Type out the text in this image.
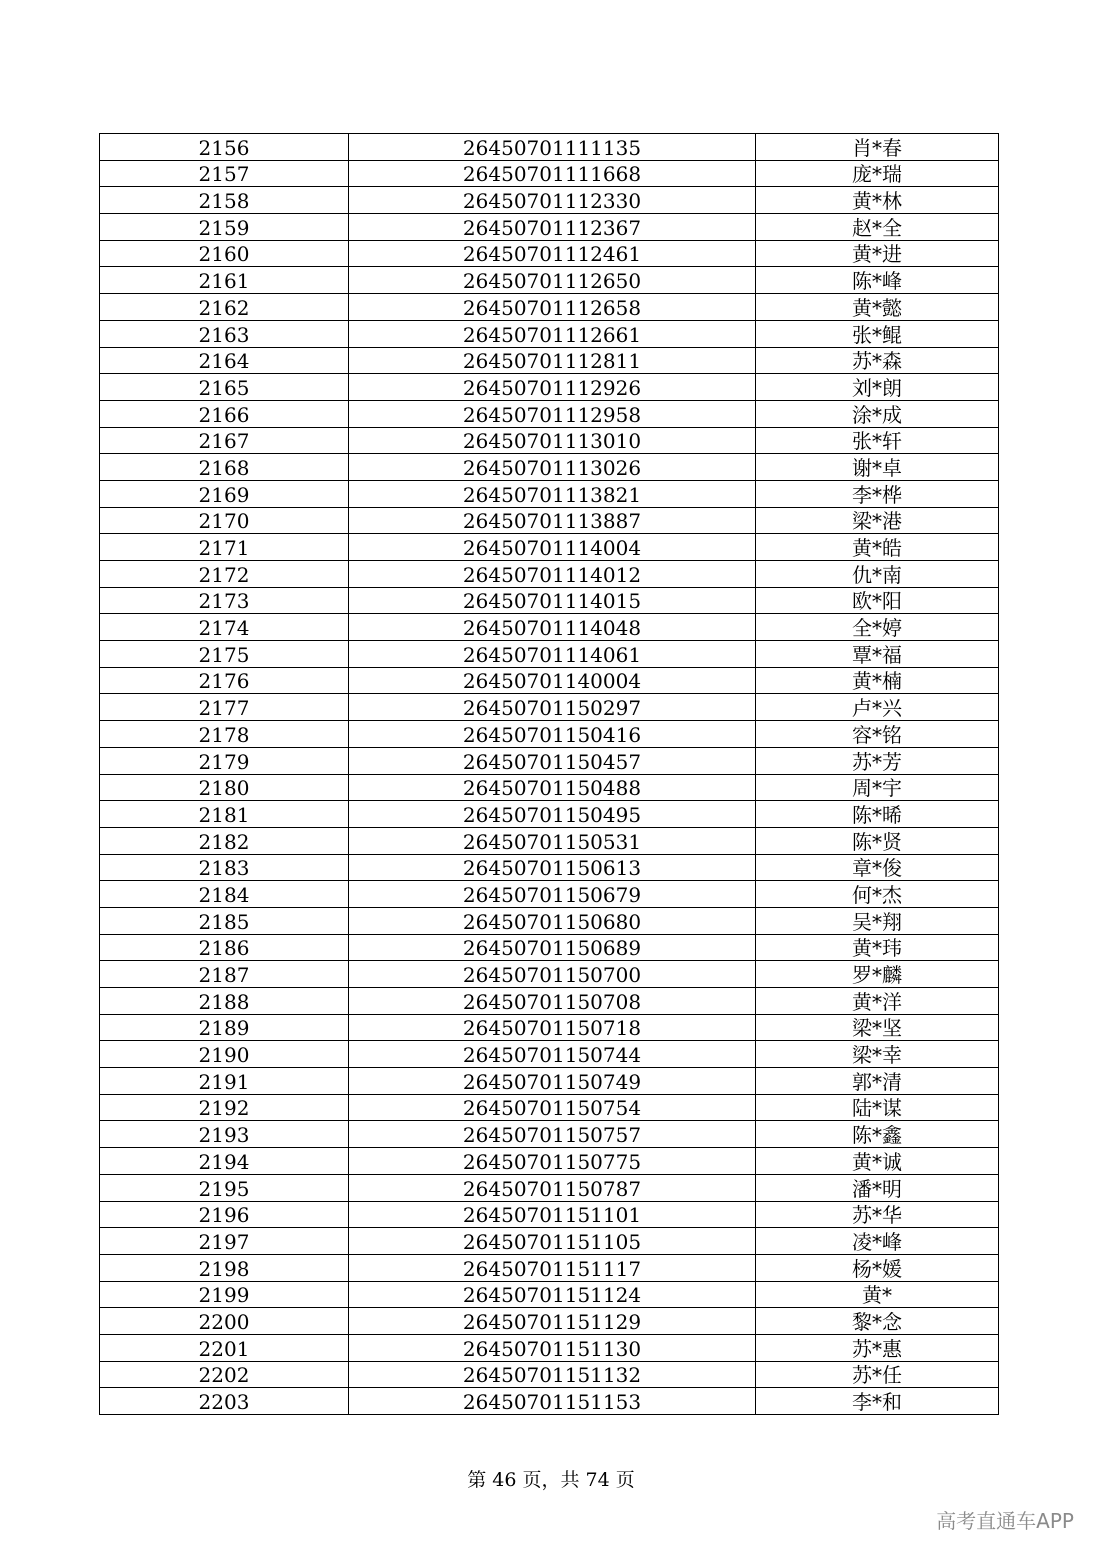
2156	26450701111135	肖*春
2157	26450701111668	庞*瑞
2158	26450701112330	黄*林
2159	26450701112367	赵*全
2160	26450701112461	黄*进
2161	26450701112650	陈*峰
2162	26450701112658	黄*懿
2163	26450701112661	张*鲲
2164	26450701112811	苏*森
2165	26450701112926	刘*朗
2166	26450701112958	涂*成
2167	26450701113010	张*轩
2168	26450701113026	谢*卓
2169	26450701113821	李*桦
2170	26450701113887	梁*港
2171	26450701114004	黄*皓
2172	26450701114012	仇*南
2173	26450701114015	欧*阳
2174	26450701114048	全*婷
2175	26450701114061	覃*福
2176	26450701140004	黄*楠
2177	26450701150297	卢*兴
2178	26450701150416	容*铭
2179	26450701150457	苏*芳
2180	26450701150488	周*宇
2181	26450701150495	陈*晞
2182	26450701150531	陈*贤
2183	26450701150613	章*俊
2184	26450701150679	何*杰
2185	26450701150680	吴*翔
2186	26450701150689	黄*玮
2187	26450701150700	罗*麟
2188	26450701150708	黄*洋
2189	26450701150718	梁*坚
2190	26450701150744	梁*幸
2191	26450701150749	郭*清
2192	26450701150754	陆*谋
2193	26450701150757	陈*鑫
2194	26450701150775	黄*诚
2195	26450701150787	潘*明
2196	26450701151101	苏*华
2197	26450701151105	凌*峰
2198	26450701151117	杨*媛
2199	26450701151124	黄*
2200	26450701151129	黎*念
2201	26450701151130	苏*惠
2202	26450701151132	苏*任
2203	26450701151153	李*和
第 46 页，共 74 页
高考直通车APP
